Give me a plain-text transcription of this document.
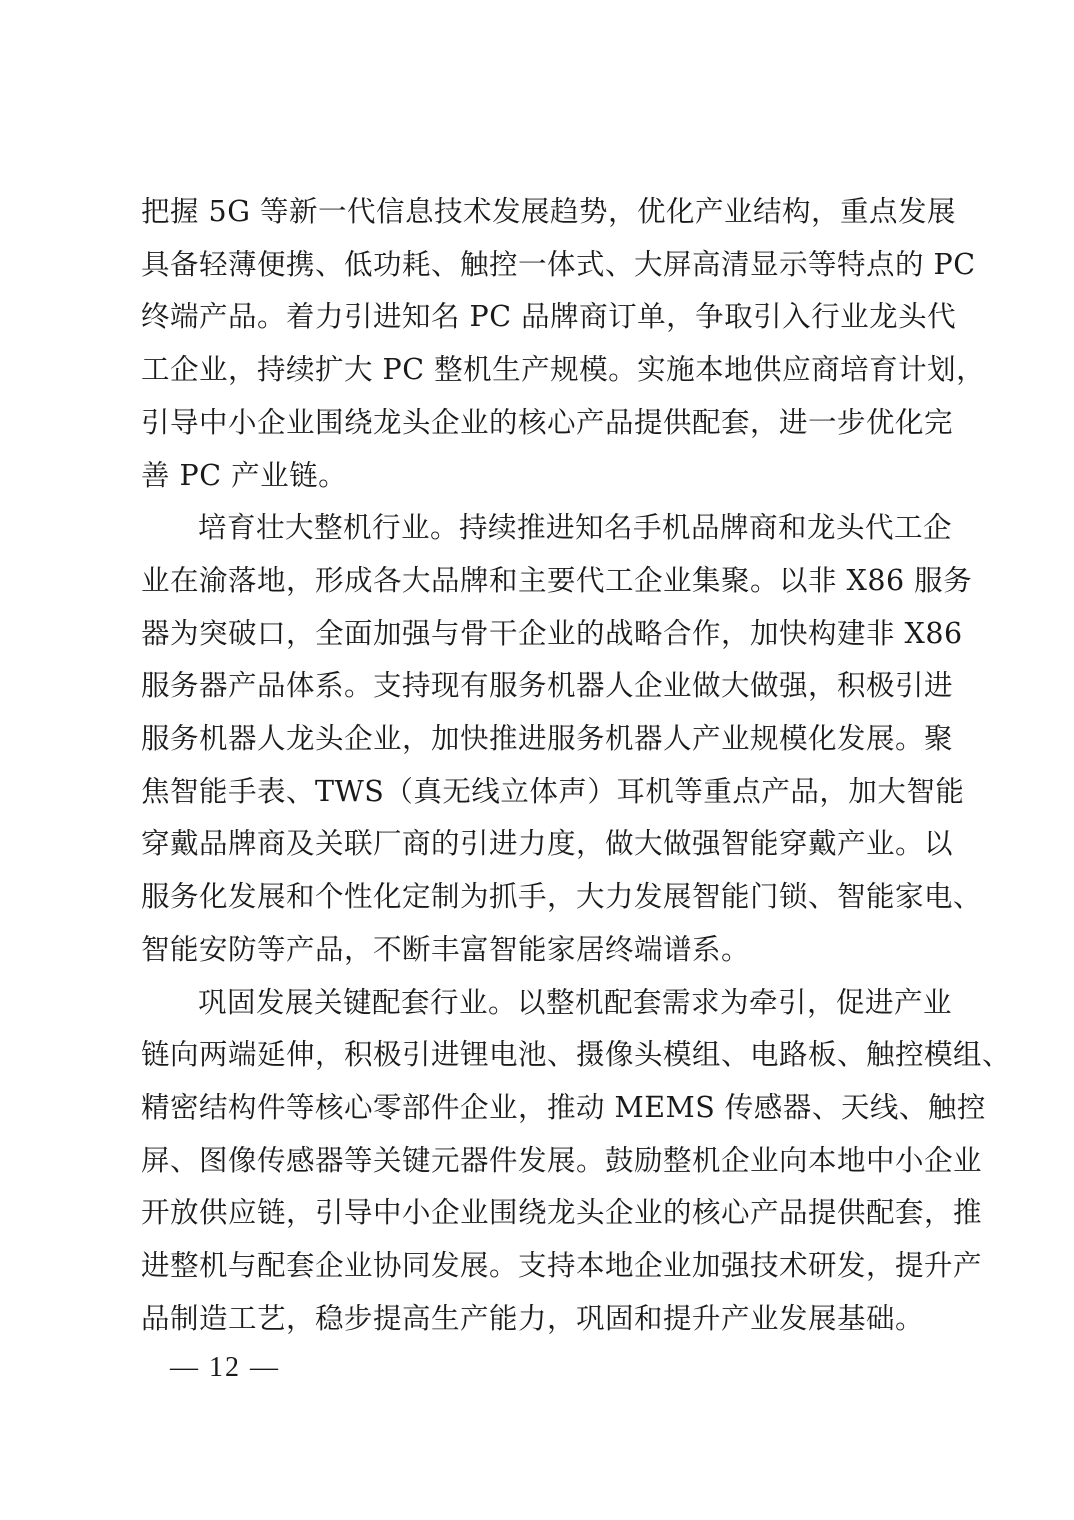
把握 5G 等新一代信息技术发展趋势，优化产业结构，重点发展
具备轻薄便携、低功耗、触控一体式、大屏高清显示等特点的 PC
终端产品。着力引进知名 PC 品牌商订单，争取引入行业龙头代
工企业，持续扩大 PC 整机生产规模。实施本地供应商培育计划，
引导中小企业围绕龙头企业的核心产品提供配套，进一步优化完
善 PC 产业链。

培育壮大整机行业。持续推进知名手机品牌商和龙头代工企
业在渝落地，形成各大品牌和主要代工企业集聚。以非 X86 服务
器为突破口，全面加强与骨干企业的战略合作，加快构建非 X86
服务器产品体系。支持现有服务机器人企业做大做强，积极引进
服务机器人龙头企业，加快推进服务机器人产业规模化发展。聚
焦智能手表、TWS（真无线立体声）耳机等重点产品，加大智能
穿戴品牌商及关联厂商的引进力度，做大做强智能穿戴产业。以
服务化发展和个性化定制为抓手，大力发展智能门锁、智能家电、
智能安防等产品，不断丰富智能家居终端谱系。

巩固发展关键配套行业。以整机配套需求为牵引，促进产业
链向两端延伸，积极引进锂电池、摄像头模组、电路板、触控模组、
精密结构件等核心零部件企业，推动 MEMS 传感器、天线、触控
屏、图像传感器等关键元器件发展。鼓励整机企业向本地中小企业
开放供应链，引导中小企业围绕龙头企业的核心产品提供配套，推
进整机与配套企业协同发展。支持本地企业加强技术研发，提升产
品制造工艺，稳步提高生产能力，巩固和提升产业发展基础。

— 12 —
